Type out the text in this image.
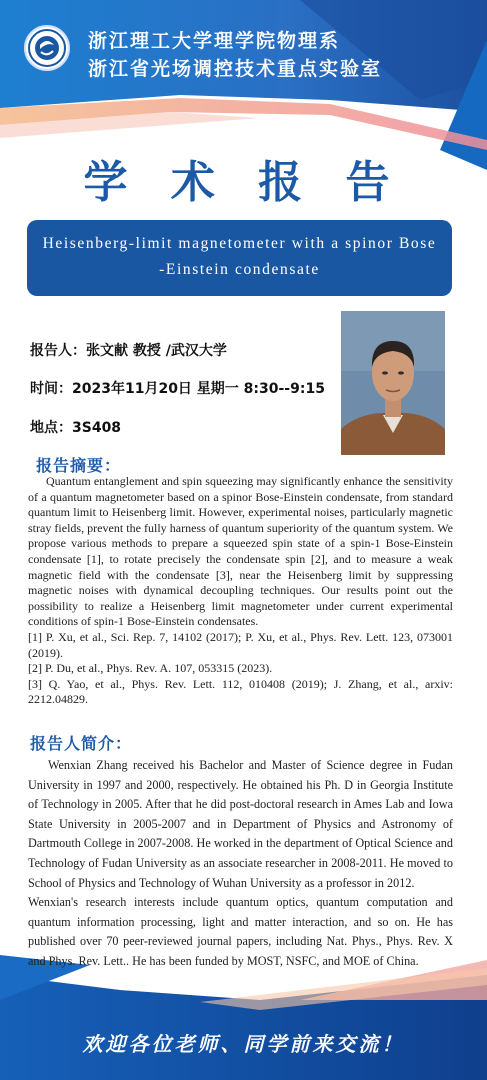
浙江理工大学理学院物理系
浙江省光场调控技术重点实验室
学 术 报 告
Heisenberg-limit magnetometer with a spinor Bose
-Einstein condensate
报告人：张文献 教授 /武汉大学
时间：2023年11月20日 星期一 8:30--9:15
地点：3S408
报告摘要：

Quantum entanglement and spin squeezing may significantly enhance the sensitivity of a quantum magnetometer based on a spinor Bose-Einstein condensate, from standard quantum limit to Heisenberg limit. However, experimental noises, particularly magnetic stray fields, prevent the fully harness of quantum superiority of the quantum system. We propose various methods to prepare a squeezed spin state of a spin-1 Bose-Einstein condensate [1], to rotate precisely the condensate spin [2], and to measure a weak magnetic field with the condensate [3], near the Heisenberg limit by suppressing magnetic noises with dynamical decoupling techniques. Our results point out the possibility to realize a Heisenberg limit magnetometer under current experimental conditions of spin-1 Bose-Einstein condensates.

[1] P. Xu, et al., Sci. Rep. 7, 14102 (2017); P. Xu, et al., Phys. Rev. Lett. 123, 073001 (2019).
[2] P. Du, et al., Phys. Rev. A. 107, 053315 (2023).
[3] Q. Yao, et al., Phys. Rev. Lett. 112, 010408 (2019); J. Zhang, et al., arxiv: 2212.04829.
报告人简介：

Wenxian Zhang received his Bachelor and Master of Science degree in Fudan University in 1997 and 2000, respectively. He obtained his Ph. D in Georgia Institute of Technology in 2005. After that he did post-doctoral research in Ames Lab and Iowa State University in 2005-2007 and in Department of Physics and Astronomy of Dartmouth College in 2007-2008. He worked in the department of Optical Science and Technology of Fudan University as an associate researcher in 2008-2011. He moved to School of Physics and Technology of Wuhan University as a professor in 2012.

Wenxian's research interests include quantum optics, quantum computation and quantum information processing, light and matter interaction, and so on. He has published over 70 peer-reviewed journal papers, including Nat. Phys., Phys. Rev. X and Phys. Rev. Lett.. He has been funded by MOST, NSFC, and MOE of China.

欢迎各位老师、同学前来交流！
